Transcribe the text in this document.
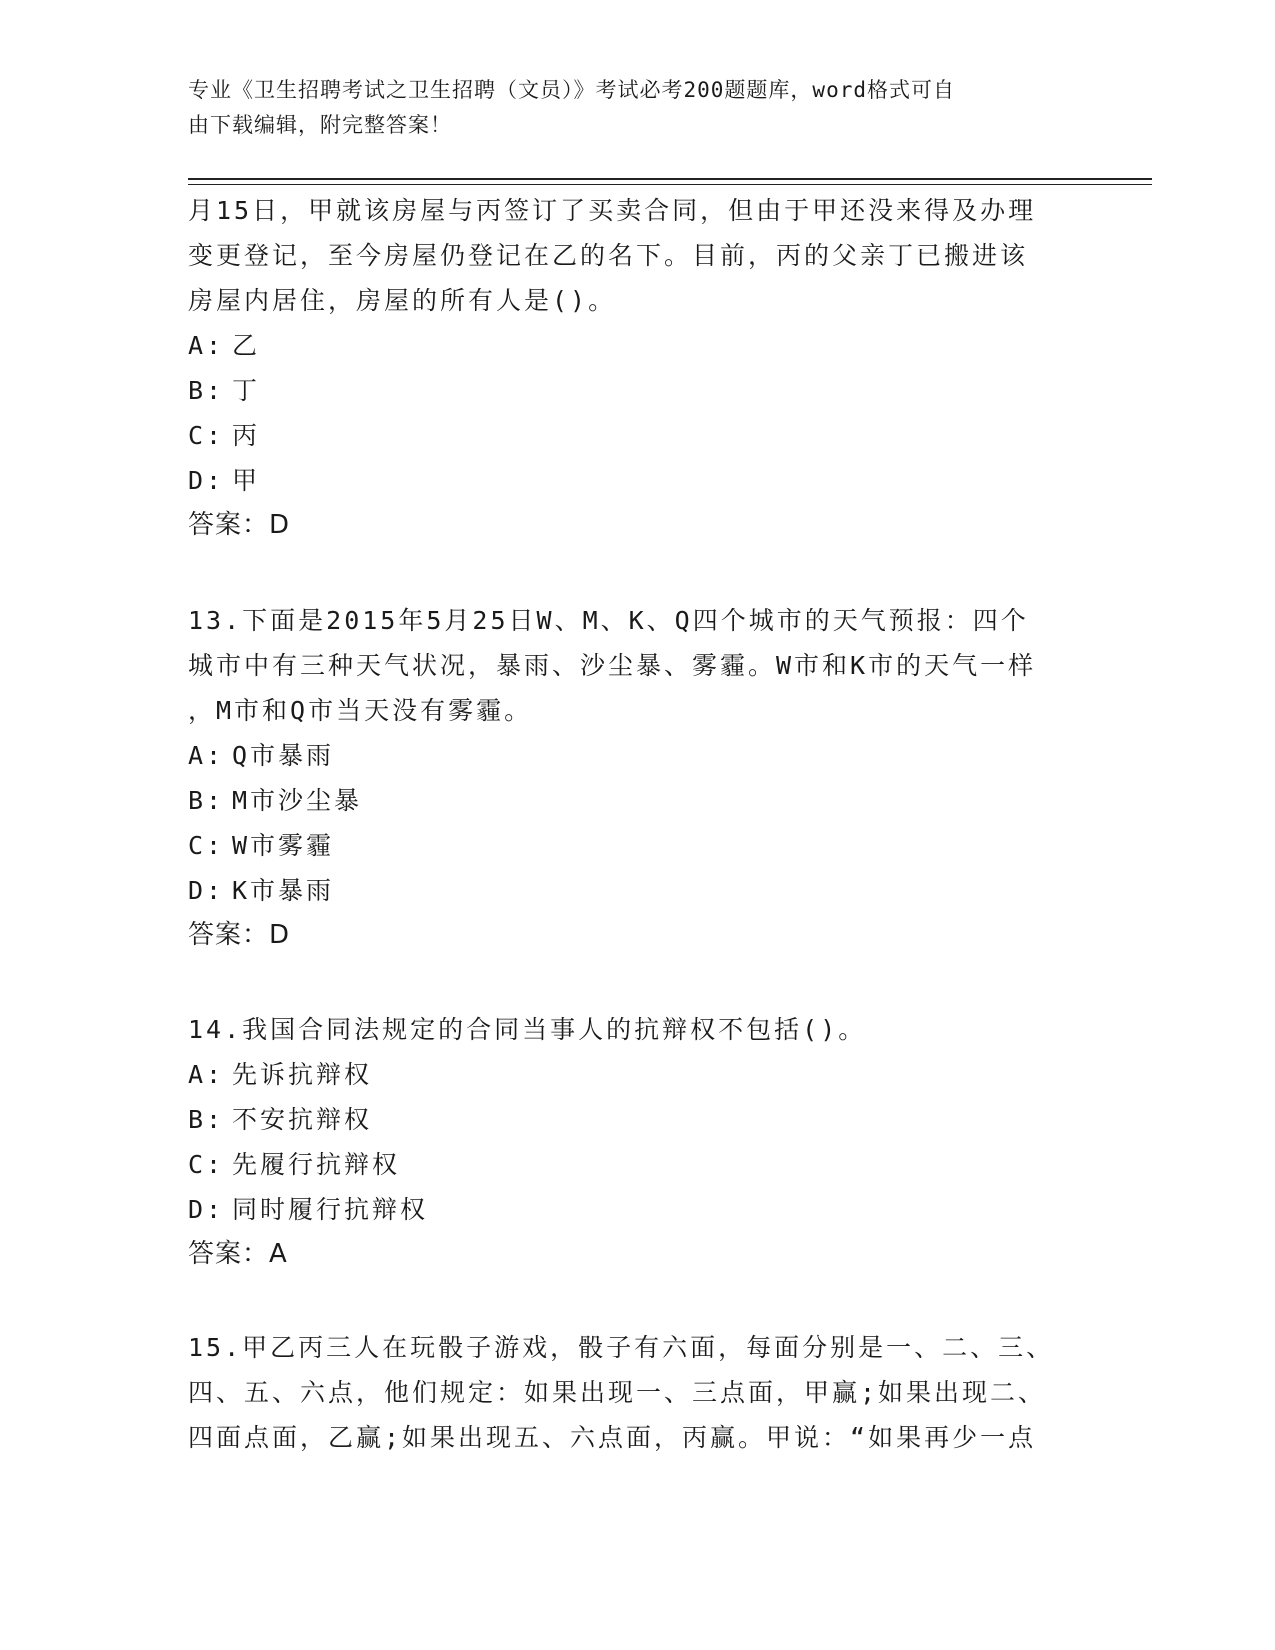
专业《卫生招聘考试之卫生招聘（文员）》考试必考200题题库，word格式可自
由下载编辑，附完整答案！

月15日，甲就该房屋与丙签订了买卖合同，但由于甲还没来得及办理

变更登记，至今房屋仍登记在乙的名下。目前，丙的父亲丁已搬进该

房屋内居住，房屋的所有人是()。

A: 乙

B: 丁

C: 丙

D: 甲

答案：D

13.下面是2015年5月25日W、M、K、Q四个城市的天气预报：四个

城市中有三种天气状况，暴雨、沙尘暴、雾霾。W市和K市的天气一样

，M市和Q市当天没有雾霾。

A: Q市暴雨

B: M市沙尘暴

C: W市雾霾

D: K市暴雨

答案：D

14.我国合同法规定的合同当事人的抗辩权不包括()。

A: 先诉抗辩权

B: 不安抗辩权

C: 先履行抗辩权

D: 同时履行抗辩权

答案：A

15.甲乙丙三人在玩骰子游戏，骰子有六面，每面分别是一、二、三、

四、五、六点，他们规定：如果出现一、三点面，甲赢;如果出现二、

四面点面，乙赢;如果出现五、六点面，丙赢。甲说：“如果再少一点
